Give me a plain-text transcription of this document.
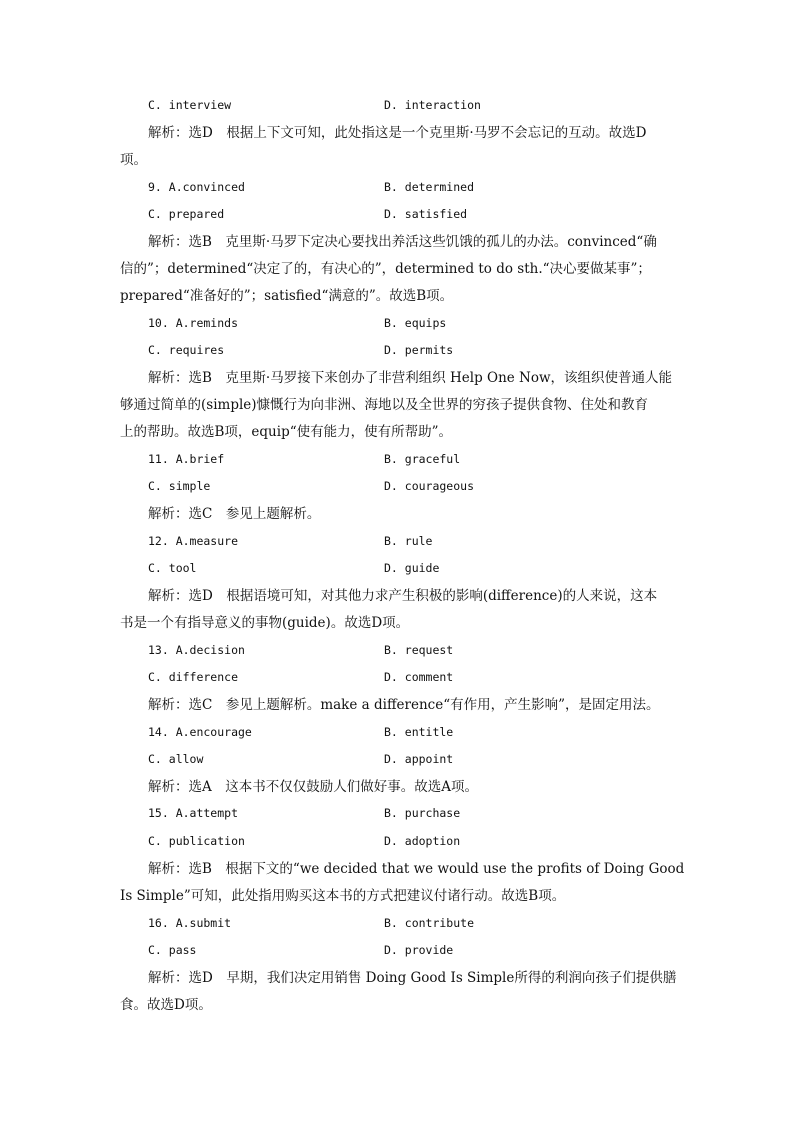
C. interview	D. interaction
解析：选D　根据上下文可知，此处指这是一个克里斯·马罗不会忘记的互动。故选D
项。
9. A.convinced	B. determined
C. prepared	D. satisfied
解析：选B　克里斯·马罗下定决心要找出养活这些饥饿的孤儿的办法。convinced“确
信的”；determined“决定了的，有决心的”，determined to do sth.“决心要做某事”；
prepared“准备好的”；satisfied“满意的”。故选B项。
10. A.reminds	B. equips
C. requires	D. permits
解析：选B　克里斯·马罗接下来创办了非营利组织 Help One Now，该组织使普通人能
够通过简单的(simple)慷慨行为向非洲、海地以及全世界的穷孩子提供食物、住处和教育
上的帮助。故选B项，equip“使有能力，使有所帮助”。
11. A.brief	B. graceful
C. simple	D. courageous
解析：选C　参见上题解析。
12. A.measure	B. rule
C. tool	D. guide
解析：选D　根据语境可知，对其他力求产生积极的影响(difference)的人来说，这本
书是一个有指导意义的事物(guide)。故选D项。
13. A.decision	B. request
C. difference	D. comment
解析：选C　参见上题解析。make a difference“有作用，产生影响”，是固定用法。
14. A.encourage	B. entitle
C. allow	D. appoint
解析：选A　这本书不仅仅鼓励人们做好事。故选A项。
15. A.attempt	B. purchase
C. publication	D. adoption
解析：选B　根据下文的“we decided that we would use the profits of Doing Good
Is Simple”可知，此处指用购买这本书的方式把建议付诸行动。故选B项。
16. A.submit	B. contribute
C. pass	D. provide
解析：选D　早期，我们决定用销售 Doing Good Is Simple所得的利润向孩子们提供膳
食。故选D项。
